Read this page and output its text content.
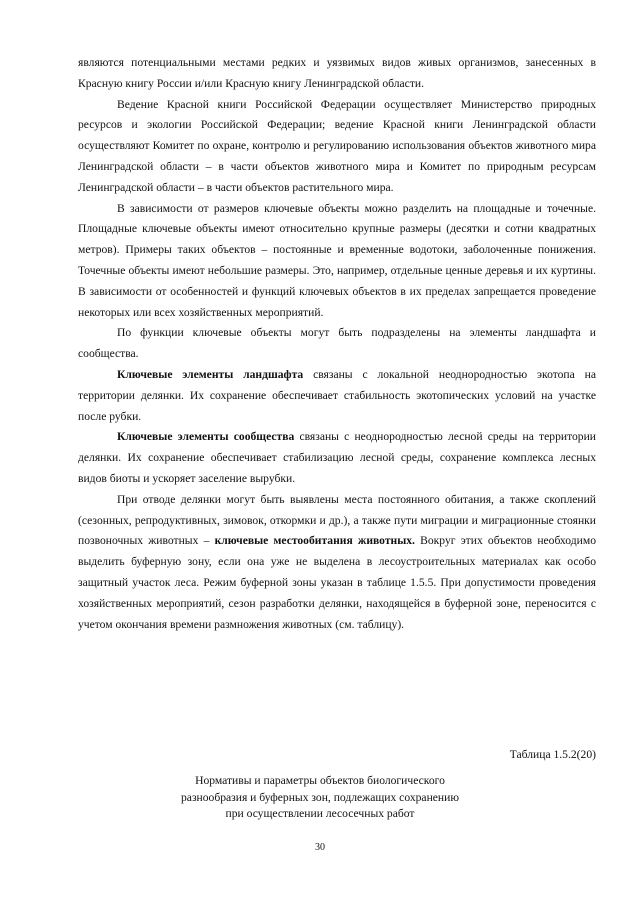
являются потенциальными местами редких и уязвимых видов живых организмов, занесенных в Красную книгу России и/или Красную книгу Ленинградской области.

Ведение Красной книги Российской Федерации осуществляет Министерство природных ресурсов и экологии Российской Федерации; ведение Красной книги Ленинградской области осуществляют Комитет по охране, контролю и регулированию использования объектов животного мира Ленинградской области – в части объектов животного мира и Комитет по природным ресурсам Ленинградской области – в части объектов растительного мира.

В зависимости от размеров ключевые объекты можно разделить на площадные и точечные. Площадные ключевые объекты имеют относительно крупные размеры (десятки и сотни квадратных метров). Примеры таких объектов – постоянные и временные водотоки, заболоченные понижения. Точечные объекты имеют небольшие размеры. Это, например, отдельные ценные деревья и их куртины. В зависимости от особенностей и функций ключевых объектов в их пределах запрещается проведение некоторых или всех хозяйственных мероприятий.

По функции ключевые объекты могут быть подразделены на элементы ландшафта и сообщества.

Ключевые элементы ландшафта связаны с локальной неоднородностью экотопа на территории делянки. Их сохранение обеспечивает стабильность экотопических условий на участке после рубки.

Ключевые элементы сообщества связаны с неоднородностью лесной среды на территории делянки. Их сохранение обеспечивает стабилизацию лесной среды, сохранение комплекса лесных видов биоты и ускоряет заселение вырубки.

При отводе делянки могут быть выявлены места постоянного обитания, а также скоплений (сезонных, репродуктивных, зимовок, откормки и др.), а также пути миграции и миграционные стоянки позвоночных животных – ключевые местообитания животных. Вокруг этих объектов необходимо выделить буферную зону, если она уже не выделена в лесоустроительных материалах как особо защитный участок леса. Режим буферной зоны указан в таблице 1.5.5. При допустимости проведения хозяйственных мероприятий, сезон разработки делянки, находящейся в буферной зоне, переносится с учетом окончания времени размножения животных (см. таблицу).

Таблица 1.5.2(20)
Нормативы и параметры объектов биологического
разнообразия и буферных зон, подлежащих сохранению
при осуществлении лесосечных работ
30
